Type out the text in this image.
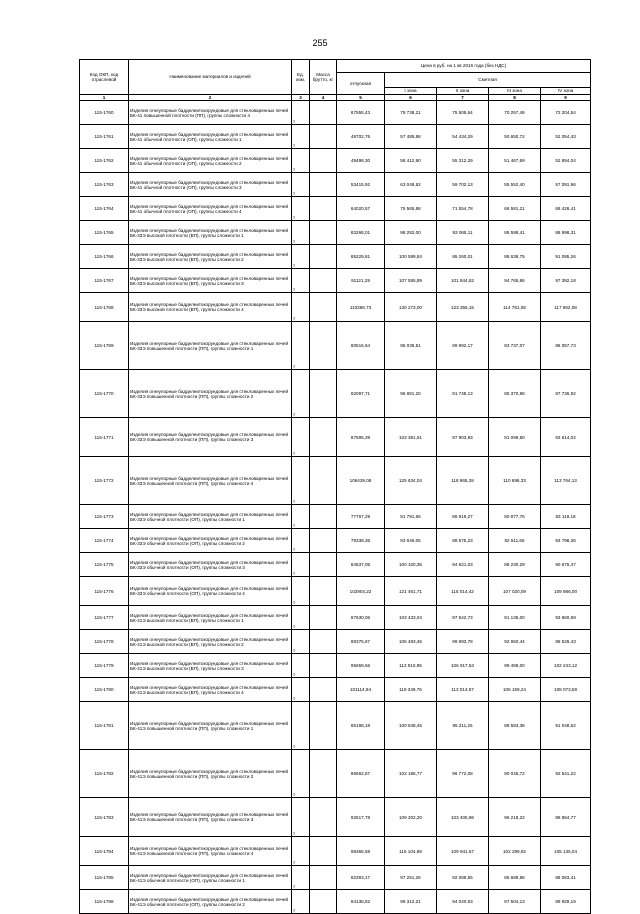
255
Код ОКП, код отраслевой	Наименование материалов и изделий	Ед. изм.	Масса брутто, кг	Цена в руб. на 1 кв 2016 года (без НДС)				
				отпускная	Сметная			
					I зона	II зона	III зона	IV зона
1	2	3	4	5	6	7	8	9
115-1760	Изделия огнеупорные бадделеитокорундовые для стекловаренных печей БК-41 повышенной плотности (ПП), группы сложности 4	т		67555,43	79 738,21	75 505,64	70 257,48	72 204,54
115-1761	Изделия огнеупорные бадделеитокорундовые для стекловаренных печей БК-41 обычной плотности (ОП), группы сложности 1	т		48702,75	57 485,88	54 434,29	50 650,72	52 054,43
115-1762	Изделия огнеупорные бадделеитокорундовые для стекловаренных печей БК-41 обычной плотности (ОП), группы сложности 2	т		49498,30	58 412,90	55 312,29	51 467,69	52 894,04
115-1763	Изделия огнеупорные бадделеитокорундовые для стекловаренных печей БК-41 обычной плотности (ОП), группы сложности 3	т		53415,92	63 048,82	59 702,13	55 552,40	57 091,96
115-1764	Изделия огнеупорные бадделеитокорундовые для стекловаренных печей БК-41 обычной плотности (ОП), группы сложности 4	т		64020,57	75 565,88	71 554,78	66 581,21	68 426,41
115-1765	Изделия огнеупорные бадделеитокорундовые для стекловаренных печей БК-33Э высокой плотности (ВП), группы сложности 1	т		83268,01	98 282,00	93 065,11	86 598,41	88 998,31
115-1766	Изделия огнеупорные бадделеитокорундовые для стекловаренных печей БК-33Э высокой плотности (ВП), группы сложности 2	т		85229,81	100 599,84	95 260,01	88 638,75	91 095,26
115-1767	Изделия огнеупорные бадделеитокорундовые для стекловаренных печей БК-33Э высокой плотности (ВП), группы сложности 3	т		91121,29	107 555,89	101 844,82	94 765,86	97 392,18
115-1768	Изделия огнеупорные бадделеитокорундовые для стекловаренных печей БК-33Э высокой плотности (ВП), группы сложности 4	т		110368,73	130 273,00	123 355,15	114 781,08	117 962,08
115-1769	Изделия огнеупорные бадделеитокорундовые для стекловаренных печей БК-33Э повышенной плотности (ПП), группы сложности 1	т		80516,64	95 036,51	89 992,17	83 737,07	86 057,73
115-1770	Изделия огнеупорные бадделеитокорундовые для стекловаренных печей БК-33Э повышенной плотности (ПП), группы сложности 2	т		82097,71	96 891,20	91 748,13	85 370,98	87 736,92
115-1771	Изделия огнеупорные бадделеитокорундовые для стекловаренных печей БК-33Э повышенной плотности (ПП), группы сложности 3	т		87595,39	103 391,51	97 903,93	91 099,80	93 614,02
115-1772	Изделия огнеупорные бадделеитокорундовые для стекловаренных печей БК-33Э повышенной плотности (ПП), группы сложности 4	т		106439,08	125 634,04	118 965,28	110 696,33	113 764,13
115-1773	Изделия огнеупорные бадделеитокорундовые для стекловаренных печей БК-33Э обычной плотности (ОП), группы сложности 1	т		77767,29	91 791,66	86 919,27	80 877,76	83 119,18
115-1774	Изделия огнеупорные бадделеитокорундовые для стекловаренных печей БК-33Э обычной плотности (ОП), группы сложности 2	т		79338,36	93 646,05	88 675,23	82 511,66	84 798,36
115-1775	Изделия огнеупорные бадделеитокорундовые для стекловаренных печей БК-33Э обычной плотности (ОП), группы сложности 3	т		84637,05	100 100,35	94 621,03	88 230,29	90 675,47
115-1776	Изделия огнеупорные бадделеитокорундовые для стекловаренных печей БК-33Э обычной плотности (ОП), группы сложности 4	т		102904,22	121 461,71	115 014,42	107 020,09	109 986,00
115-1777	Изделия огнеупорные бадделеитокорундовые для стекловаренных печей БК-41Э высокой плотности (ВП), группы сложности 1	т		87630,06	103 433,04	97 942,73	91 135,00	93 660,69
115-1778	Изделия огнеупорные бадделеитокорундовые для стекловаренных печей БК-41Э высокой плотности (ВП), группы сложности 2	т		89375,67	105 493,46	99 893,78	92 950,44	95 526,43
115-1779	Изделия огнеупорные бадделеитокорундовые для стекловаренных печей БК-41Э высокой плотности (ВП), группы сложности 3	т		95659,56	112 910,95	106 917,53	99 486,00	102 243,12
115-1780	Изделия огнеупорные бадделеитокорундовые для стекловаренных печей БК-41Э высокой плотности (ВП), группы сложности 4	т		101114,94	119 349,76	113 014,57	105 159,24	108 073,59
115-1781	Изделия огнеупорные бадделеитокорундовые для стекловаренных печей БК-41Э повышенной плотности (ПП), группы сложности 1	т		85188,18	100 548,45	95 211,25	88 593,38	91 048,62
115-1782	Изделия огнеупорные бадделеитокорундовые для стекловаренных печей БК-41Э повышенной плотности (ПП), группы сложности 2	т		86562,67	102 196,77	96 772,08	90 045,72	92 541,22
115-1783	Изделия огнеупорные бадделеитокорундовые для стекловаренных печей БК-41Э повышенной плотности (ПП), группы сложности 3	т		92517,78	109 202,20	103 405,96	96 218,22	98 884,77
115-1784	Изделия огнеупорные бадделеитокорундовые для стекловаренных печей БК-41Э повышенной плотности (ПП), группы сложности 4	т		98365,59	116 104,69	109 941,67	102 299,92	105 135,04
115-1785	Изделия огнеупорные бадделеитокорундовые для стекловаренных печей БК-41Э обычной плотности (ОП), группы сложности 1	т		82393,17	97 251,26	92 089,55	85 688,88	88 063,41
115-1786	Изделия огнеупорные бадделеитокорундовые для стекловаренных печей БК-41Э обычной плотности (ОП), группы сложности 2	т		84138,82	99 312,21	94 040,63	87 504,13	89 929,19
